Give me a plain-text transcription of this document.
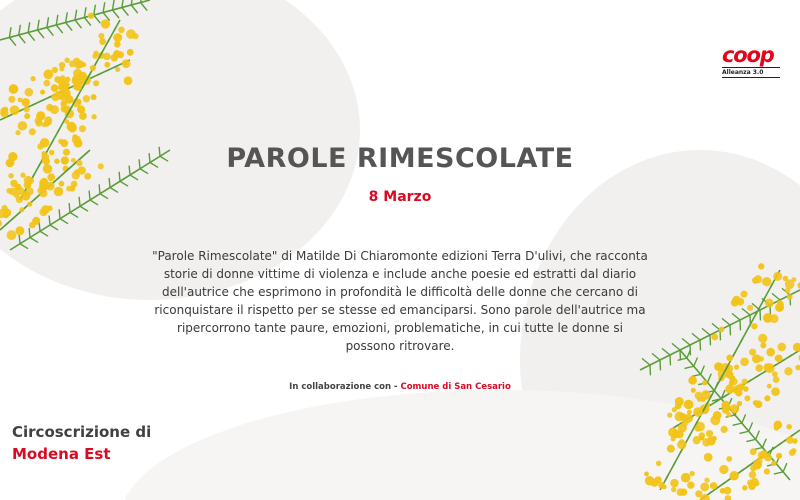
coop
Alleanza 3.0
PAROLE RIMESCOLATE
8 Marzo

"Parole Rimescolate" di Matilde Di Chiaromonte edizioni Terra D'ulivi, che racconta storie di donne vittime di violenza e include anche poesie ed estratti dal diario dell'autrice che esprimono in profondità le difficoltà delle donne che cercano di riconquistare il rispetto per se stesse ed emanciparsi. Sono parole dell'autrice ma ripercorrono tante paure, emozioni, problematiche, in cui tutte le donne si possono ritrovare.

In collaborazione con - Comune di San Cesario
Circoscrizione di
Modena Est
